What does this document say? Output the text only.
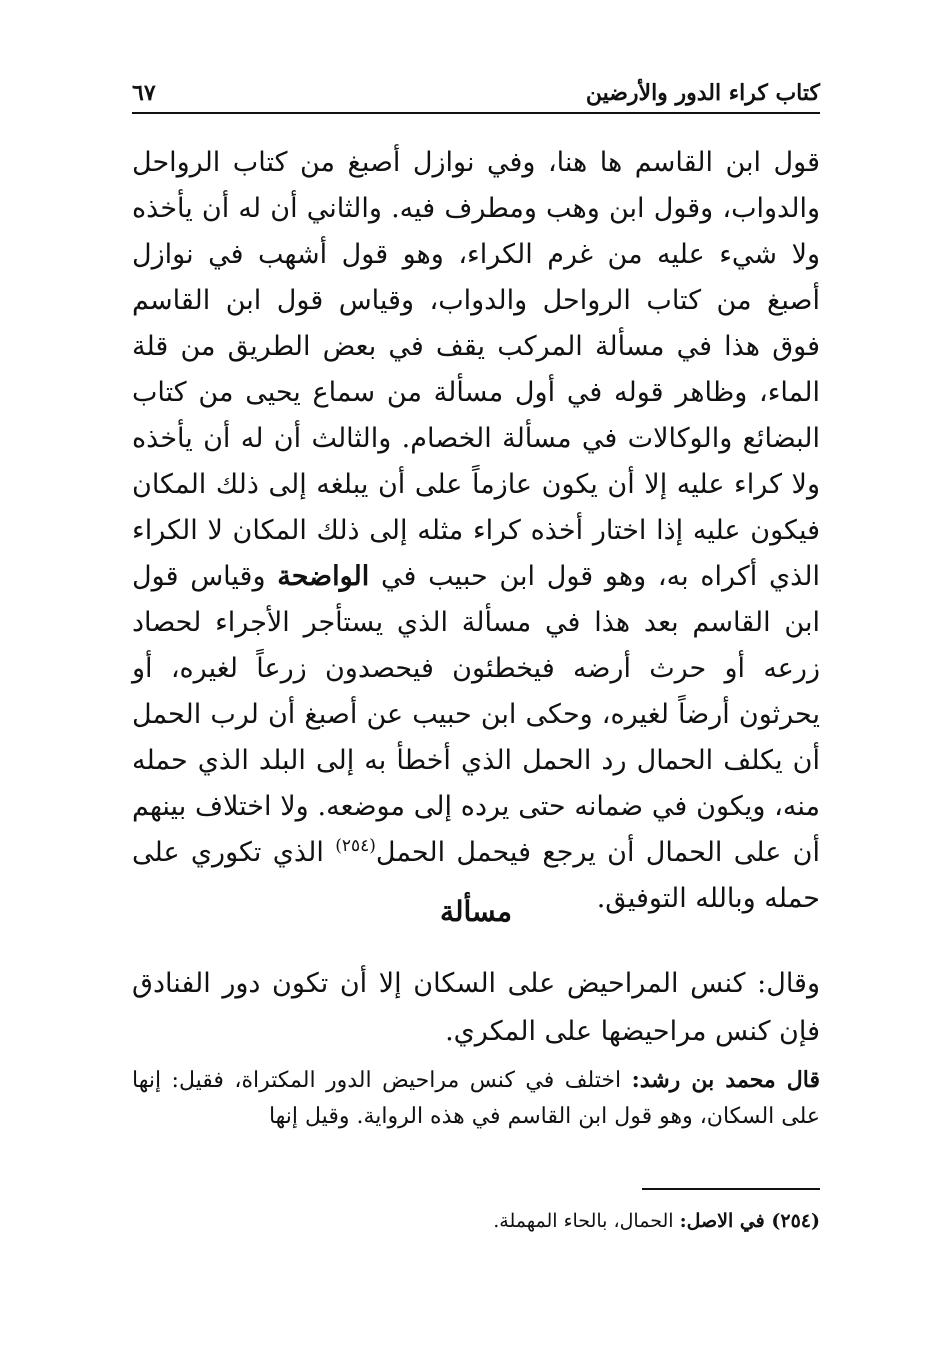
كتاب كراء الدور والأرضين
٦٧

قول ابن القاسم ها هنا، وفي نوازل أصبغ من كتاب الرواحل والدواب، وقول ابن وهب ومطرف فيه. والثاني أن له أن يأخذه ولا شيء عليه من غرم الكراء، وهو قول أشهب في نوازل أصبغ من كتاب الرواحل والدواب، وقياس قول ابن القاسم فوق هذا في مسألة المركب يقف في بعض الطريق من قلة الماء، وظاهر قوله في أول مسألة من سماع يحيى من كتاب البضائع والوكالات في مسألة الخصام. والثالث أن له أن يأخذه ولا كراء عليه إلا أن يكون عازماً على أن يبلغه إلى ذلك المكان فيكون عليه إذا اختار أخذه كراء مثله إلى ذلك المكان لا الكراء الذي أكراه به، وهو قول ابن حبيب في الواضحة وقياس قول ابن القاسم بعد هذا في مسألة الذي يستأجر الأجراء لحصاد زرعه أو حرث أرضه فيخطئون فيحصدون زرعاً لغيره، أو يحرثون أرضاً لغيره، وحكى ابن حبيب عن أصبغ أن لرب الحمل أن يكلف الحمال رد الحمل الذي أخطأ به إلى البلد الذي حمله منه، ويكون في ضمانه حتى يرده إلى موضعه. ولا اختلاف بينهم أن على الحمال أن يرجع فيحمل الحمل$^{(٢٥٤)}$ الذي تكوري على حمله وبالله التوفيق.

مسألة

وقال: كنس المراحيض على السكان إلا أن تكون دور الفنادق فإن كنس مراحيضها على المكري.

قال محمد بن رشد: اختلف في كنس مراحيض الدور المكتراة، فقيل: إنها على السكان، وهو قول ابن القاسم في هذه الرواية. وقيل إنها

(٢٥٤) في الاصل: الحمال، بالحاء المهملة.
